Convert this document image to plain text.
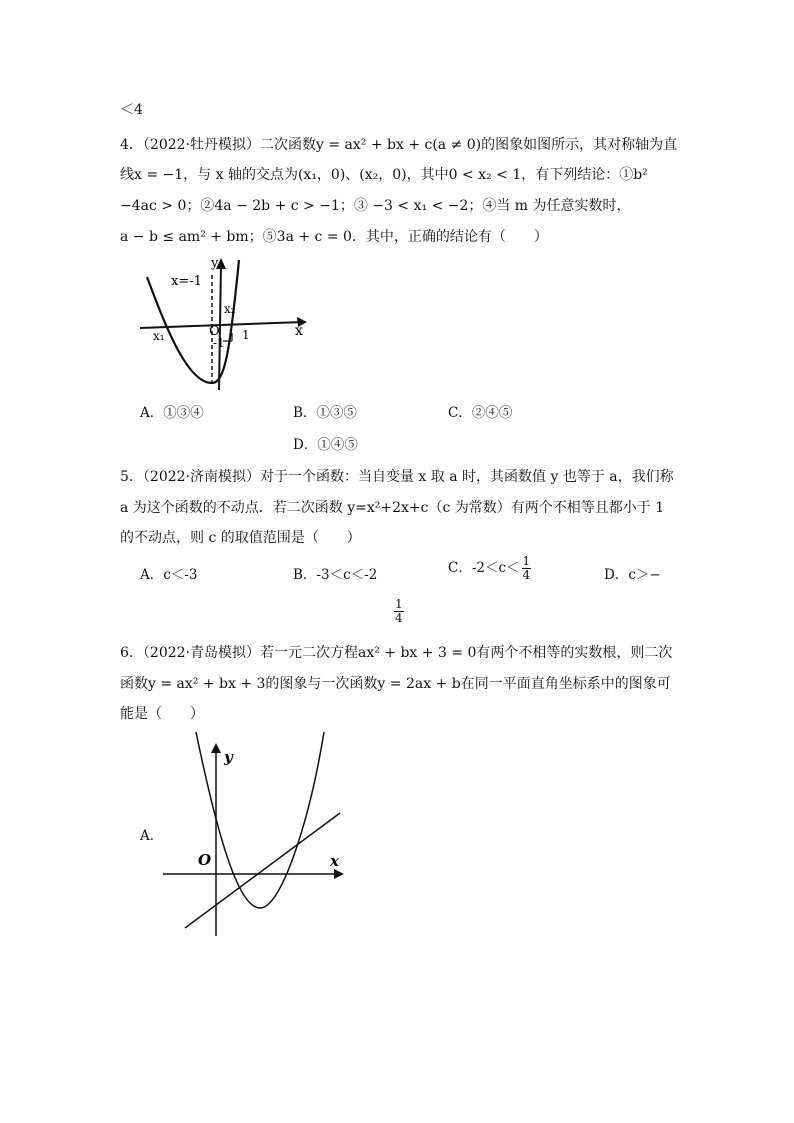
＜4
4．（2022·牡丹模拟）二次函数y = ax² + bx + c(a ≠ 0)的图象如图所示，其对称轴为直
线x = −1，与 x 轴的交点为(x₁，0)、(x₂，0)，其中0 < x₂ < 1，有下列结论：①b²
−4ac > 0；②4a − 2b + c > −1；③ −3 < x₁ < −2；④当 m 为任意实数时，
a − b ≤ am² + bm；⑤3a + c = 0．其中，正确的结论有（　　）
x=-1
y
x
x₂
x₁	O 1
-1
A．①③④	B．①③⑤	C．②④⑤
D．①④⑤
5．（2022·济南模拟）对于一个函数：当自变量 x 取 a 时，其函数值 y 也等于 a，我们称
a 为这个函数的不动点．若二次函数 y=x²+2x+c（c 为常数）有两个不相等且都小于 1
的不动点，则 c 的取值范围是（　　）
A．c＜-3	B．-3＜c＜-2	C．$-2<c< \frac{1}{4}$	D．c＞−
$\frac{1}{4}$
6．（2022·青岛模拟）若一元二次方程ax² + bx + 3 = 0有两个不相等的实数根，则二次
函数y = ax² + bx + 3的图象与一次函数y = 2ax + b在同一平面直角坐标系中的图象可
能是（　　）
A．
y
x
O
